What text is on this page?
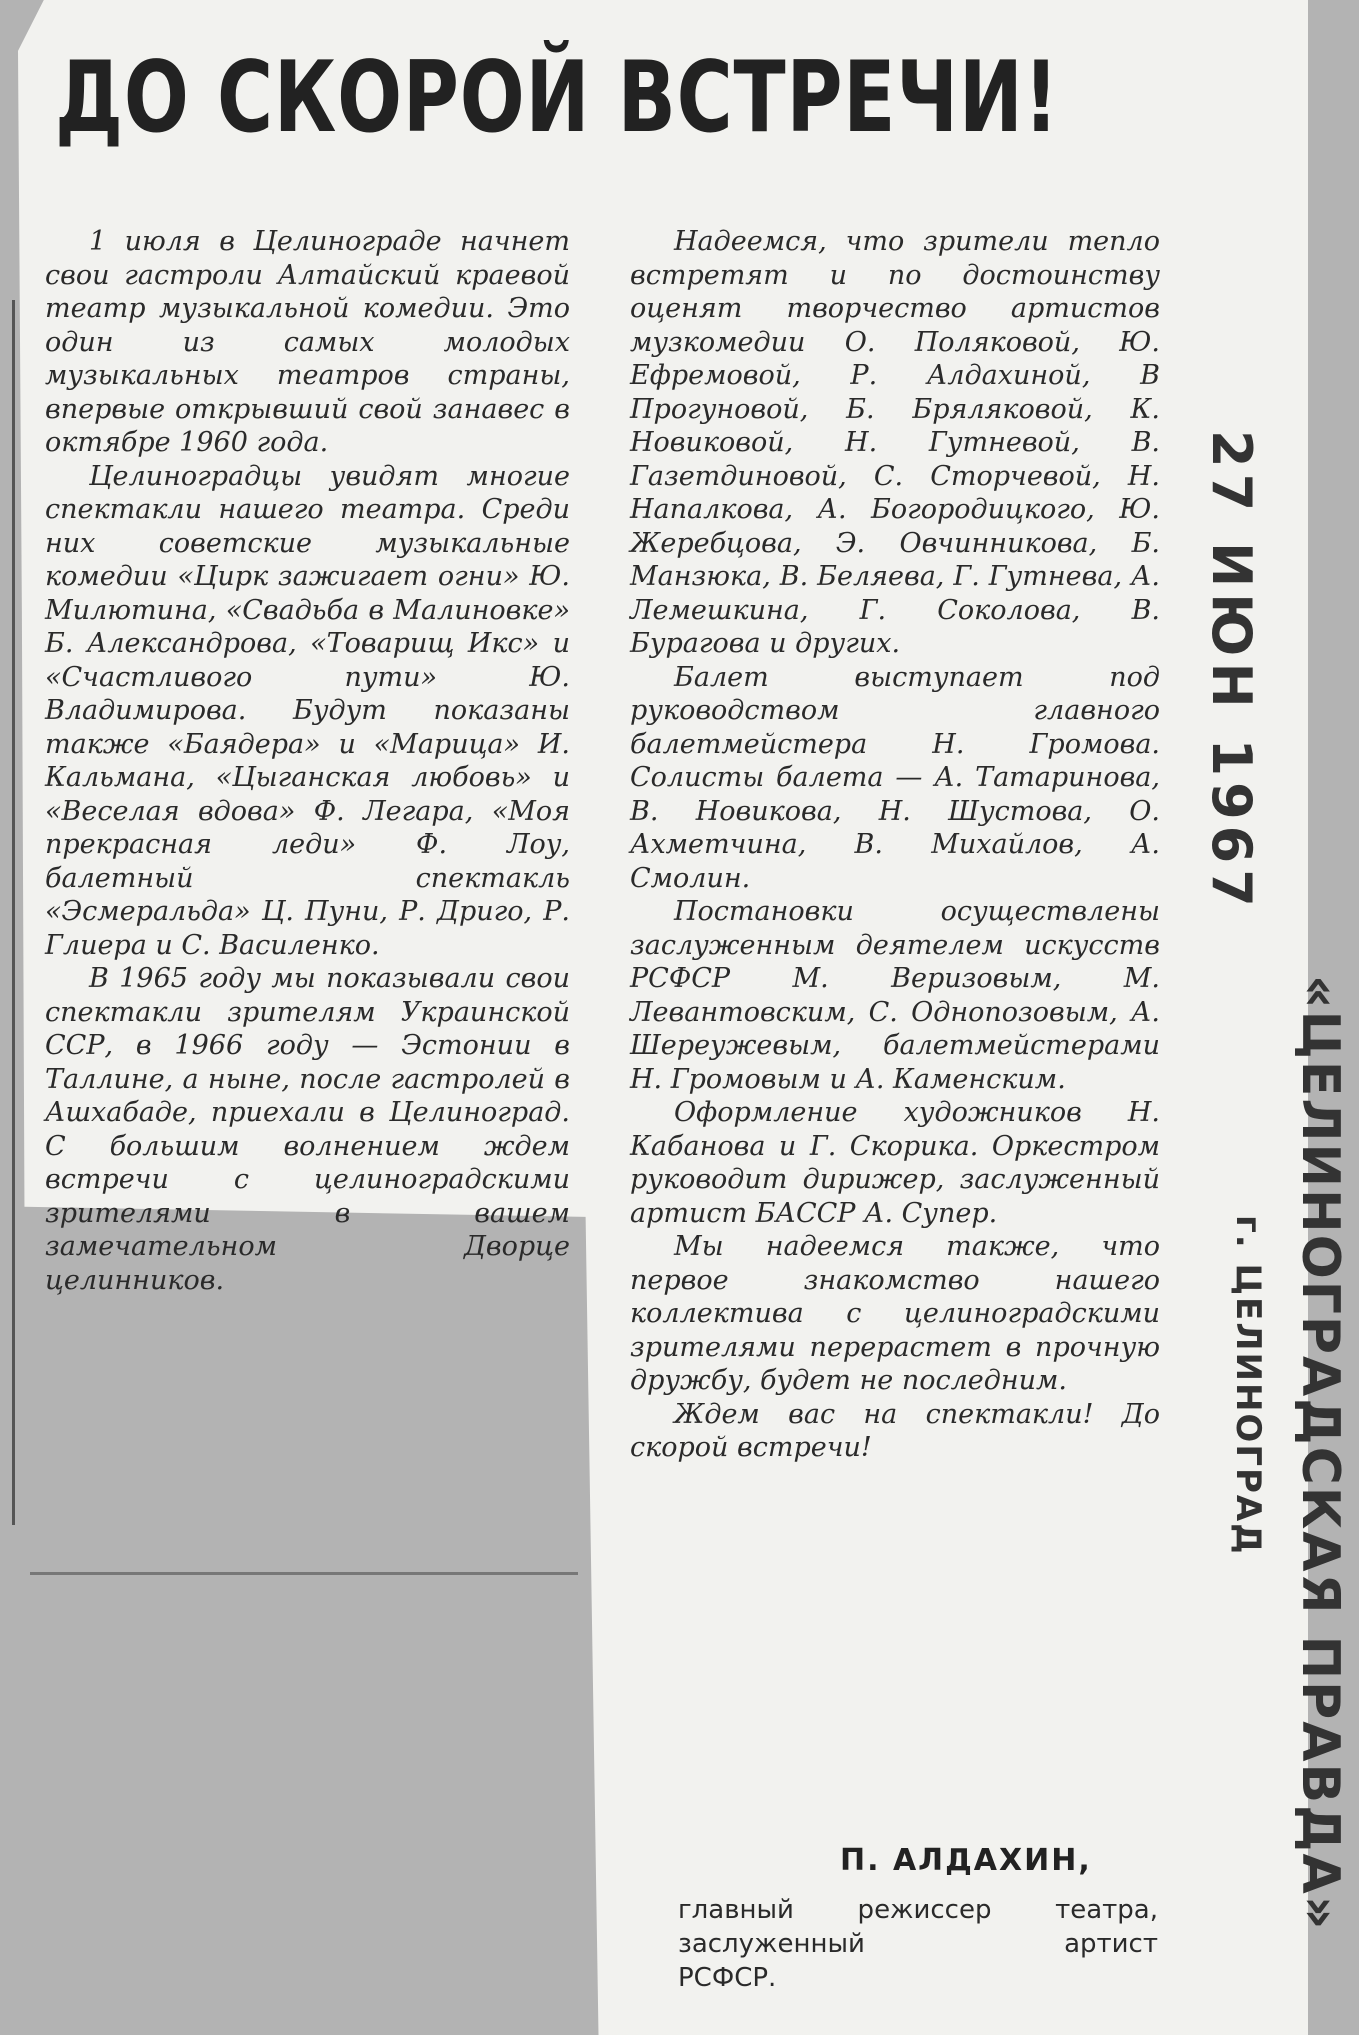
ДО СКОРОЙ ВСТРЕЧИ!

1 июля в Целинограде начнет свои гастроли Алтайский краевой театр музыкальной комедии. Это один из самых молодых музыкальных театров страны, впервые открывший свой занавес в октябре 1960 года.

Целиноградцы увидят многие спектакли нашего театра. Среди них советские музыкальные комедии «Цирк зажигает огни» Ю. Милютина, «Свадьба в Малиновке» Б. Александрова, «Товарищ Икс» и «Счастливого пути» Ю. Владимирова. Будут показаны также «Баядера» и «Марица» И. Кальмана, «Цыганская любовь» и «Веселая вдова» Ф. Легара, «Моя прекрасная леди» Ф. Лоу, балетный спектакль «Эсмеральда» Ц. Пуни, Р. Дриго, Р. Глиера и С. Василенко.

В 1965 году мы показывали свои спектакли зрителям Украинской ССР, в 1966 году — Эстонии в Таллине, а ныне, после гастролей в Ашхабаде, приехали в Целиноград. С большим волнением ждем встречи с целиноградскими зрителями в вашем замечательном Дворце целинников.

Надеемся, что зрители тепло встретят и по достоинству оценят творчество артистов музкомедии О. Поляковой, Ю. Ефремовой, Р. Алдахиной, В Прогуновой, Б. Бряляковой, К. Новиковой, Н. Гутневой, В. Газетдиновой, С. Сторчевой, Н. Напалкова, А. Богородицкого, Ю. Жеребцова, Э. Овчинникова, Б. Манзюка, В. Беляева, Г. Гутнева, А. Лемешкина, Г. Соколова, В. Бурагова и других.

Балет выступает под руководством главного балетмейстера Н. Громова. Солисты балета — А. Татаринова, В. Новикова, Н. Шустова, О. Ахметчина, В. Михайлов, А. Смолин.

Постановки осуществлены заслуженным деятелем искусств РСФСР М. Веризовым, М. Левантовским, С. Однопозовым, А. Шереужевым, балетмейстерами Н. Громовым и А. Каменским.

Оформление художников Н. Кабанова и Г. Скорика. Оркестром руководит дирижер, заслуженный артист БАССР А. Супер.

Мы надеемся также, что первое знакомство нашего коллектива с целиноградскими зрителями перерастет в прочную дружбу, будет не последним.

Ждем вас на спектакли! До скорой встречи!

П. АЛДАХИН,
главный режиссер театра,
заслуженный артист
РСФСР.
27 ИЮН 1967
«ЦЕЛИНОГРАДСКАЯ ПРАВДА»
г. ЦЕЛИНОГРАД
